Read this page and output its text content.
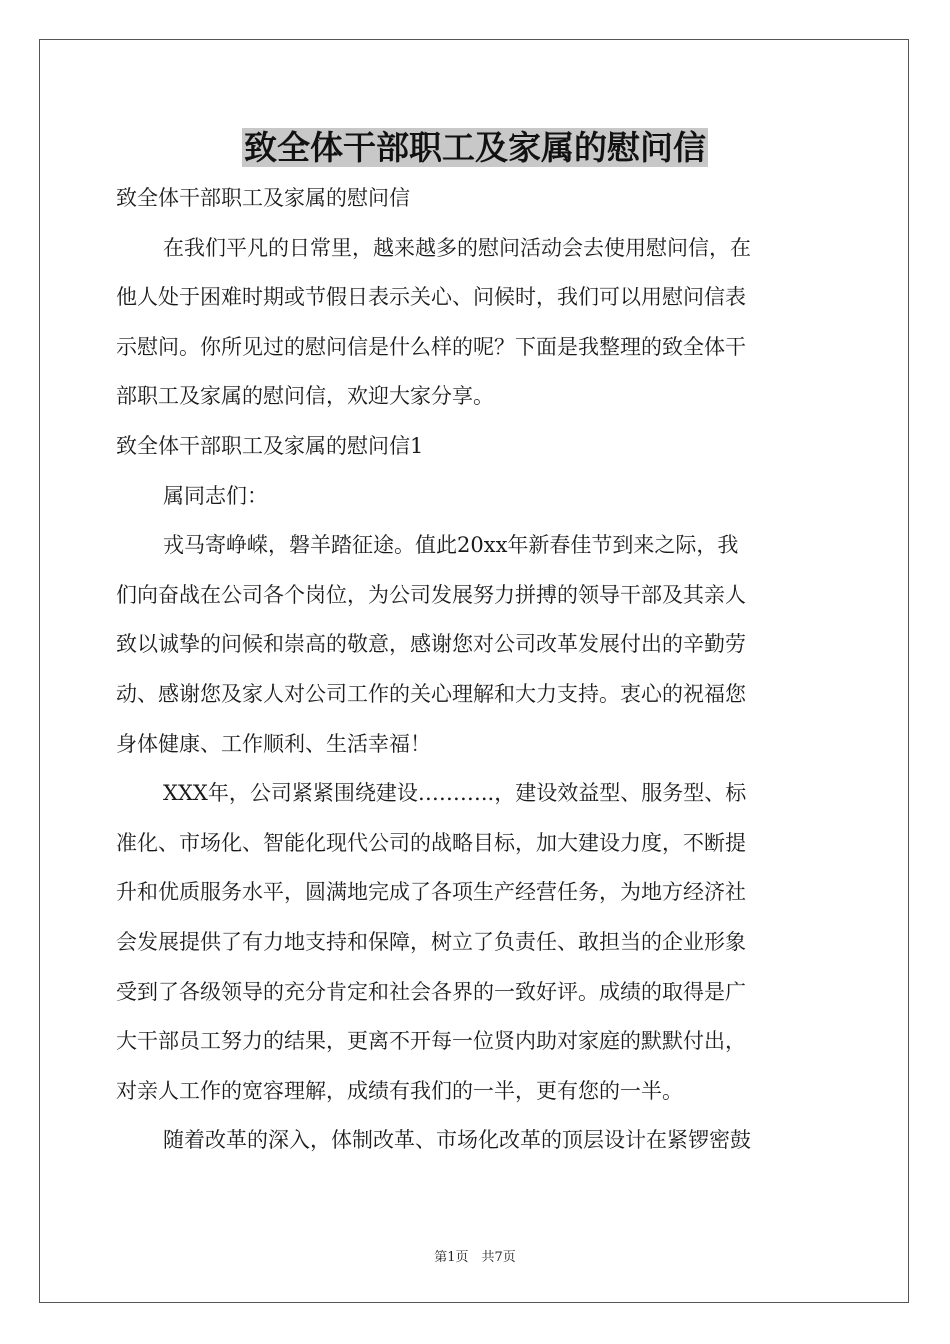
致全体干部职工及家属的慰问信
致全体干部职工及家属的慰问信
在我们平凡的日常里，越来越多的慰问活动会去使用慰问信，在
他人处于困难时期或节假日表示关心、问候时，我们可以用慰问信表
示慰问。你所见过的慰问信是什么样的呢？下面是我整理的致全体干
部职工及家属的慰问信，欢迎大家分享。
致全体干部职工及家属的慰问信1
属同志们：
戎马寄峥嵘，磐羊踏征途。值此20xx年新春佳节到来之际，我
们向奋战在公司各个岗位，为公司发展努力拼搏的领导干部及其亲人
致以诚挚的问候和崇高的敬意，感谢您对公司改革发展付出的辛勤劳
动、感谢您及家人对公司工作的关心理解和大力支持。衷心的祝福您
身体健康、工作顺利、生活幸福！
XXX年，公司紧紧围绕建设………..，建设效益型、服务型、标
准化、市场化、智能化现代公司的战略目标，加大建设力度，不断提
升和优质服务水平，圆满地完成了各项生产经营任务，为地方经济社
会发展提供了有力地支持和保障，树立了负责任、敢担当的企业形象
受到了各级领导的充分肯定和社会各界的一致好评。成绩的取得是广
大干部员工努力的结果，更离不开每一位贤内助对家庭的默默付出，
对亲人工作的宽容理解，成绩有我们的一半，更有您的一半。
随着改革的深入，体制改革、市场化改革的顶层设计在紧锣密鼓
第1页　共7页
